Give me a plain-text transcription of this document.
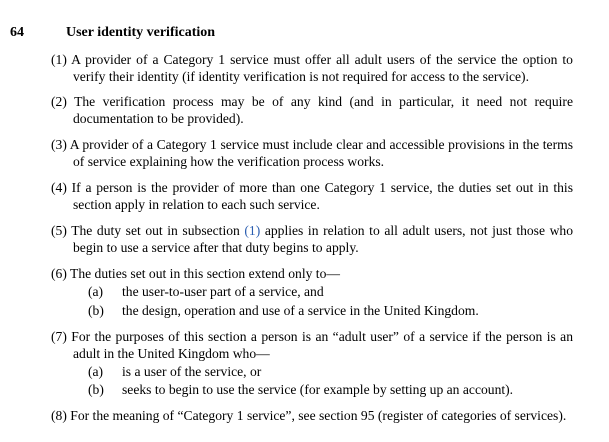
64	User identity verification
(1) A provider of a Category 1 service must offer all adult users of the service the option to verify their identity (if identity verification is not required for access to the service).
(2) The verification process may be of any kind (and in particular, it need not require documentation to be provided).
(3) A provider of a Category 1 service must include clear and accessible provisions in the terms of service explaining how the verification process works.
(4) If a person is the provider of more than one Category 1 service, the duties set out in this section apply in relation to each such service.
(5) The duty set out in subsection (1) applies in relation to all adult users, not just those who begin to use a service after that duty begins to apply.
(6) The duties set out in this section extend only to—
(a) the user-to-user part of a service, and
(b) the design, operation and use of a service in the United Kingdom.
(7) For the purposes of this section a person is an “adult user” of a service if the person is an adult in the United Kingdom who—
(a) is a user of the service, or
(b) seeks to begin to use the service (for example by setting up an account).
(8) For the meaning of “Category 1 service”, see section 95 (register of categories of services).
